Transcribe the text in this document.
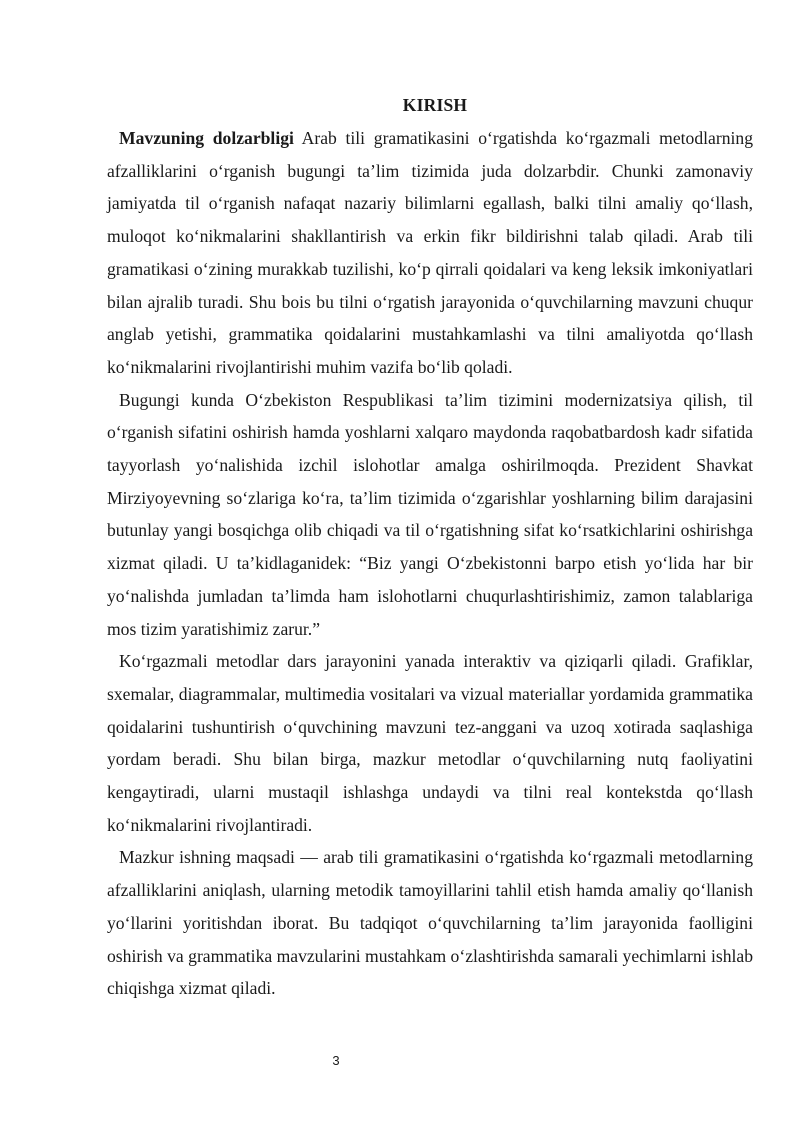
KIRISH

Mavzuning dolzarbligi Arab tili gramatikasini o‘rgatishda ko‘rgazmali metodlarning afzalliklarini o‘rganish bugungi ta’lim tizimida juda dolzarbdir. Chunki zamonaviy jamiyatda til o‘rganish nafaqat nazariy bilimlarni egallash, balki tilni amaliy qo‘llash, muloqot ko‘nikmalarini shakllantirish va erkin fikr bildirishni talab qiladi. Arab tili gramatikasi o‘zining murakkab tuzilishi, ko‘p qirrali qoidalari va keng leksik imkoniyatlari bilan ajralib turadi. Shu bois bu tilni o‘rgatish jarayonida o‘quvchilarning mavzuni chuqur anglab yetishi, grammatika qoidalarini mustahkamlashi va tilni amaliyotda qo‘llash ko‘nikmalarini rivojlantirishi muhim vazifa bo‘lib qoladi.

Bugungi kunda O‘zbekiston Respublikasi ta’lim tizimini modernizatsiya qilish, til o‘rganish sifatini oshirish hamda yoshlarni xalqaro maydonda raqobatbardosh kadr sifatida tayyorlash yo‘nalishida izchil islohotlar amalga oshirilmoqda. Prezident Shavkat Mirziyoyevning so‘zlariga ko‘ra, ta’lim tizimida o‘zgarishlar yoshlarning bilim darajasini butunlay yangi bosqichga olib chiqadi va til o‘rgatishning sifat ko‘rsatkichlarini oshirishga xizmat qiladi. U ta’kidlaganidek: “Biz yangi O‘zbekistonni barpo etish yo‘lida har bir yo‘nalishda jumladan ta’limda ham islohotlarni chuqurlashtirishimiz, zamon talablariga mos tizim yaratishimiz zarur.”

Ko‘rgazmali metodlar dars jarayonini yanada interaktiv va qiziqarli qiladi. Grafiklar, sxemalar, diagrammalar, multimedia vositalari va vizual materiallar yordamida grammatika qoidalarini tushuntirish o‘quvchining mavzuni tez-anggani va uzoq xotirada saqlashiga yordam beradi. Shu bilan birga, mazkur metodlar o‘quvchilarning nutq faoliyatini kengaytiradi, ularni mustaqil ishlashga undaydi va tilni real kontekstda qo‘llash ko‘nikmalarini rivojlantiradi.

Mazkur ishning maqsadi — arab tili gramatikasini o‘rgatishda ko‘rgazmali metodlarning afzalliklarini aniqlash, ularning metodik tamoyillarini tahlil etish hamda amaliy qo‘llanish yo‘llarini yoritishdan iborat. Bu tadqiqot o‘quvchilarning ta’lim jarayonida faolligini oshirish va grammatika mavzularini mustahkam o‘zlashtirishda samarali yechimlarni ishlab chiqishga xizmat qiladi.

3
